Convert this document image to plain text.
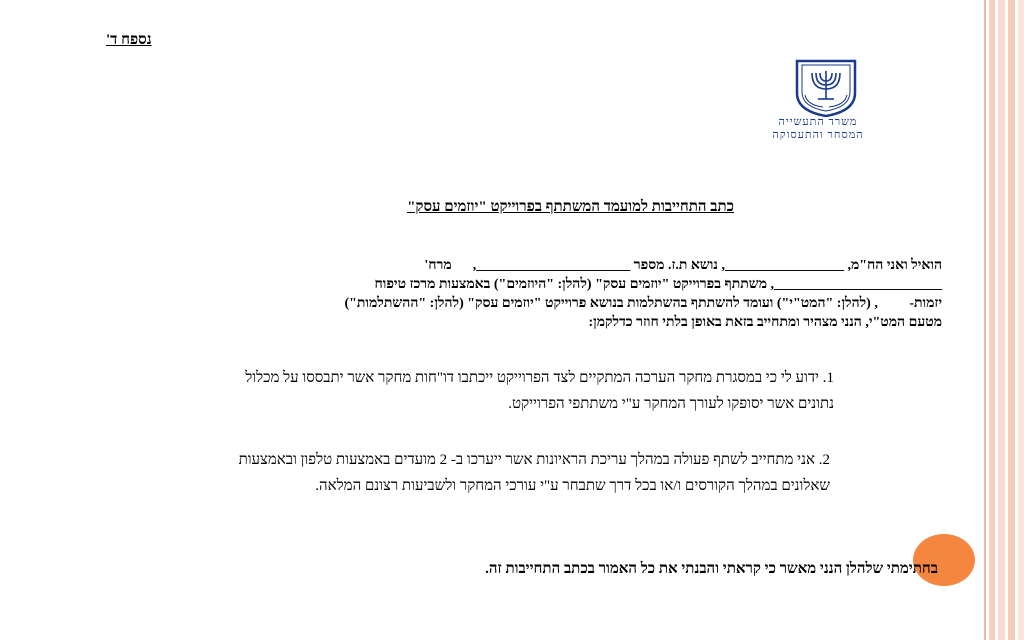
נספח ד'
משרד התעשייה
המסחר והתעסוקה
כתב התחייבות למועמד המשתתף בפרוייקט "יוזמים עסק"
הואיל ואני הח"מ, _________________, נושא ת.ז. מספר ______________________,      מרח'
________________________, משתתף בפרוייקט "יוזמים עסק" (להלן: "היוזמים") באמצעות מרכז טיפוח
יזמות-         , (להלן: "המט"י") ועומד להשתתף בהשתלמות בנושא פרוייקט "יוזמים עסק" (להלן: "ההשתלמות")
מטעם המט"י, הנני מצהיר ומתחייב בזאת באופן בלתי חוזר כדלקמן:
1. ידוע לי כי במסגרת מחקר הערכה המתקיים לצד הפרוייקט ייכתבו דו"חות מחקר אשר יתבססו על מכלול
נתונים אשר יסופקו לעורך המחקר ע"י משתתפי הפרוייקט.
2. אני מתחייב לשתף פעולה במהלך עריכת הראיונות אשר ייערכו ב- 2 מועדים באמצעות טלפון ובאמצעות
שאלונים במהלך הקורסים ו/או בכל דרך שתבחר ע"י עורכי המחקר ולשביעות רצונם המלאה.
בחתימתי שלהלן הנני מאשר כי קראתי והבנתי את כל האמור בכתב התחייבות זה.
